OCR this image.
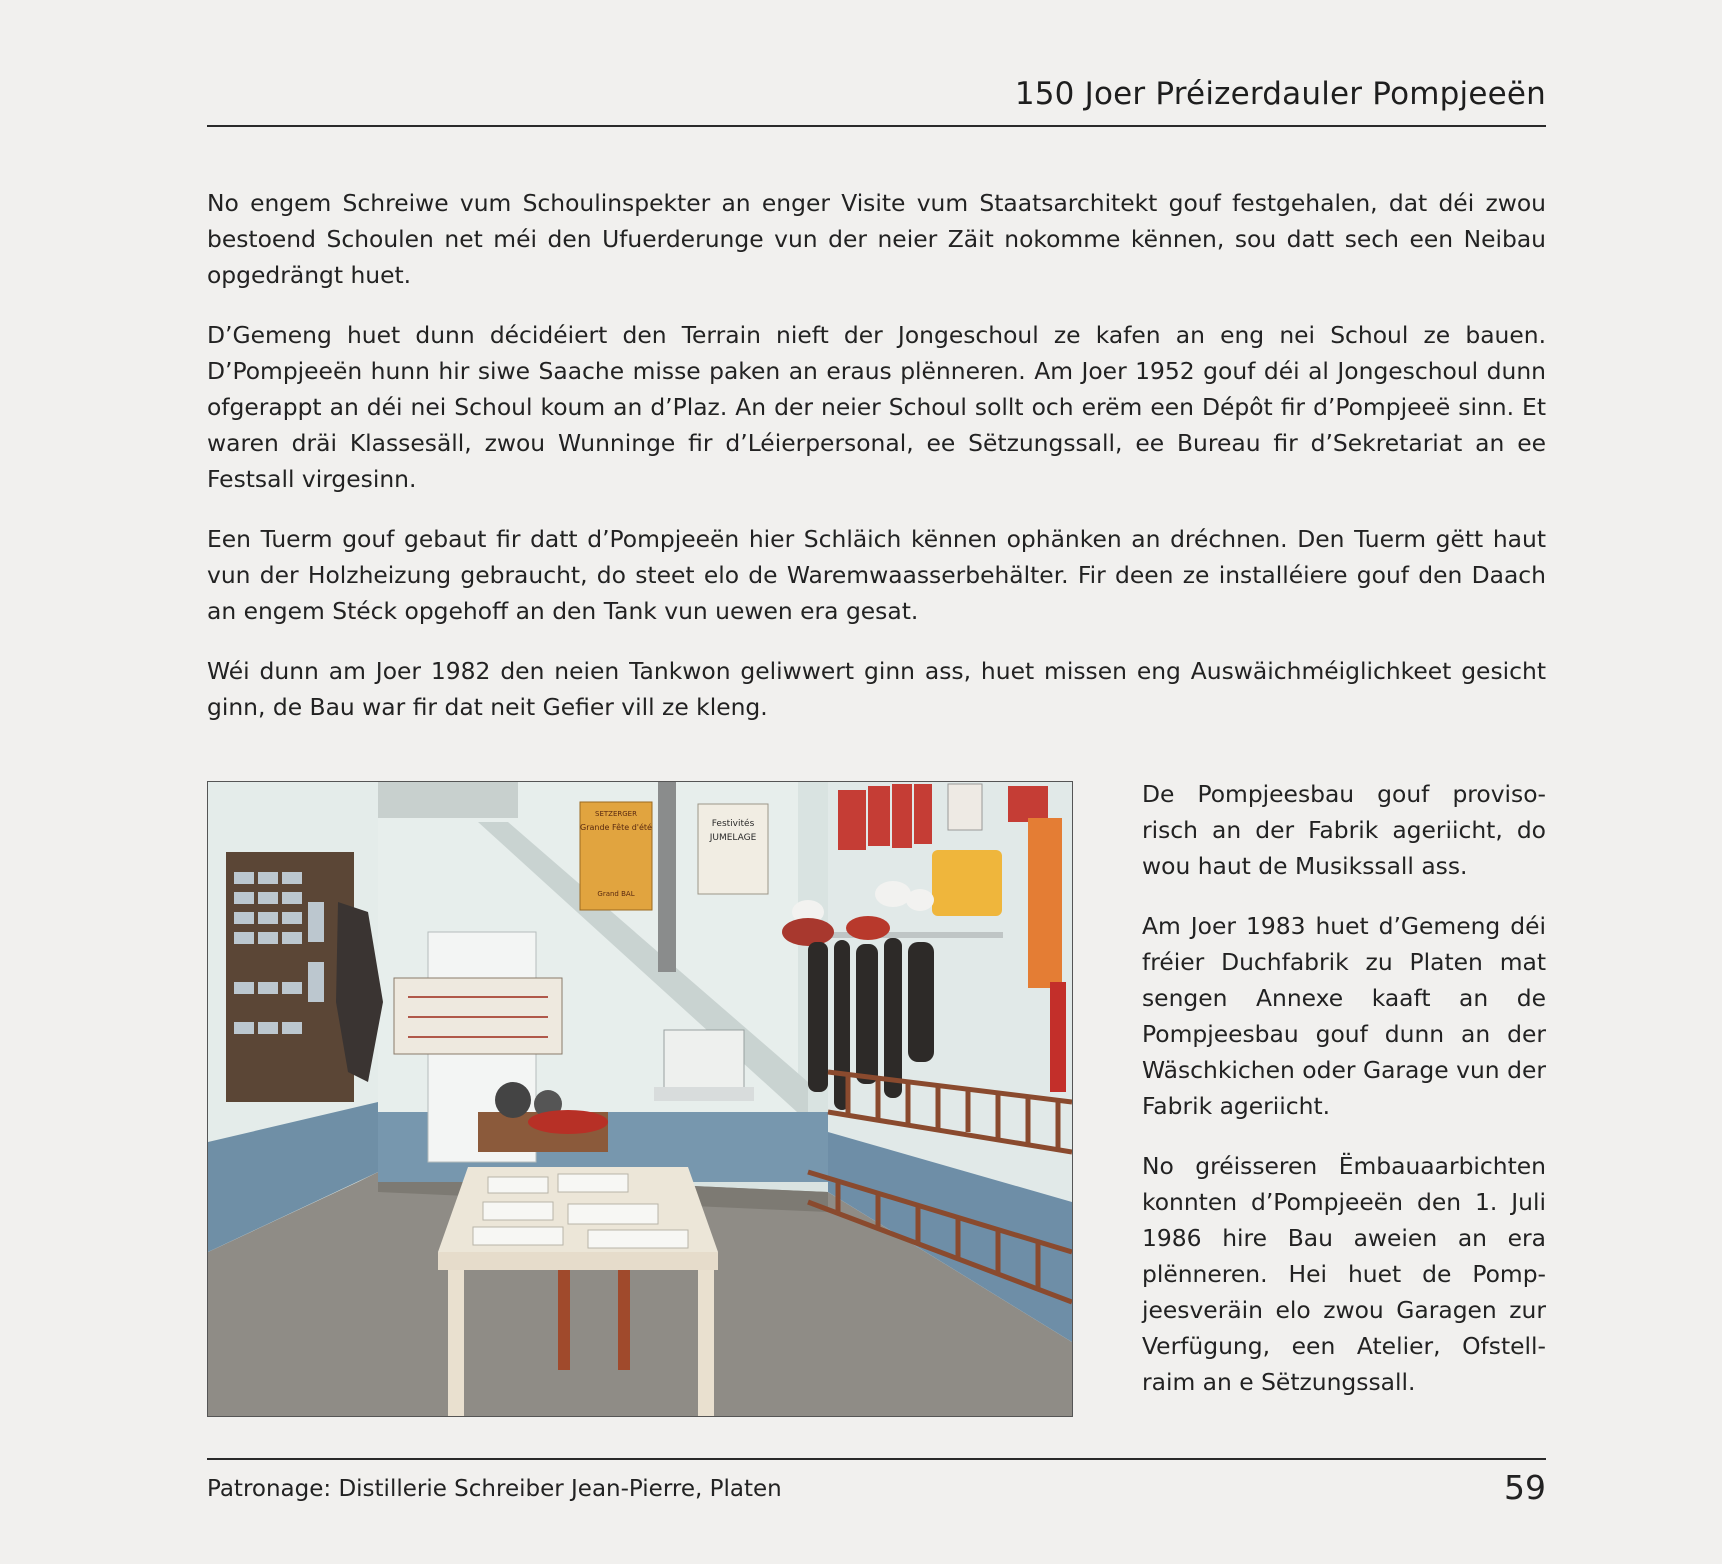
150 Joer Préizerdauler Pompjeeën

No engem Schreiwe vum Schoulinspekter an enger Visite vum Staatsarchitekt gouf festgehalen, dat déi zwou bestoend Schoulen net méi den Ufuerderunge vun der neier Zäit nokomme kënnen, sou datt sech een Neibau opgedrängt huet.

D’Gemeng huet dunn décidéiert den Terrain nieft der Jongeschoul ze kafen an eng nei Schoul ze bauen. D’Pompjeeën hunn hir siwe Saache misse paken an eraus plënneren. Am Joer 1952 gouf déi al Jongeschoul dunn ofgerappt an déi nei Schoul koum an d’Plaz. An der neier Schoul sollt och erëm een Dépôt fir d’Pompjeeë sinn. Et waren dräi Klassesäll, zwou Wunninge fir d’Léierpersonal, ee Sëtzungssall, ee Bureau fir d’Sekretariat an ee Festsall virgesinn.

Een Tuerm gouf gebaut fir datt d’Pompjeeën hier Schläich kënnen ophänken an dréchnen. Den Tuerm gëtt haut vun der Holzheizung gebraucht, do steet elo de Waremwaasserbehälter. Fir deen ze installéiere gouf den Daach an engem Stéck opgehoff an den Tank vun uewen era gesat.

Wéi dunn am Joer 1982 den neien Tankwon geliwwert ginn ass, huet missen eng Auswäichméiglichkeet gesicht ginn, de Bau war fir dat neit Gefier vill ze kleng.

SETZERGER
Grande Fête d'été
Grand BAL
Festivités
JUMELAGE

De Pompjeesbau gouf provisorisch an der Fabrik ageriicht, do wou haut de Musikssall ass.

Am Joer 1983 huet d’Gemeng déi fréier Duchfabrik zu Platen mat sengen Annexe kaaft an de Pompjeesbau gouf dunn an der Wäschkichen oder Garage vun der Fabrik ageriicht.

No gréisseren Ëmbauaarbichten konnten d’Pompjeeën den 1. Juli 1986 hire Bau aweien an era plënneren. Hei huet de Pompjeesveräin elo zwou Garagen zur Verfügung, een Atelier, Ofstellraim an e Sëtzungssall.

Patronage: Distillerie Schreiber Jean-Pierre, Platen	59
